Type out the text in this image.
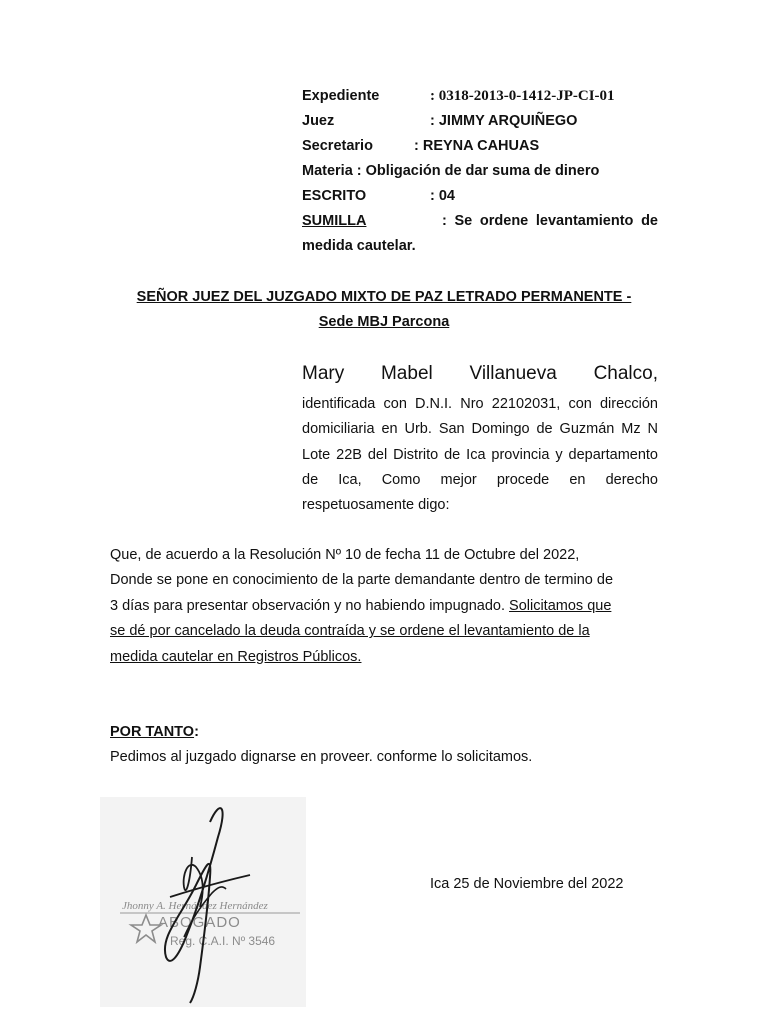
Expediente	: 0318-2013-0-1412-JP-CI-01
Juez	: JIMMY ARQUIÑEGO
Secretario	: REYNA CAHUAS
Materia : Obligación de dar suma de dinero
ESCRITO	: 04
SUMILLA	: Se ordene levantamiento de
medida cautelar.
SEÑOR JUEZ DEL JUZGADO MIXTO DE PAZ LETRADO PERMANENTE -
Sede MBJ Parcona
Mary Mabel Villanueva Chalco,
identificada con D.N.I. Nro 22102031, con dirección
domiciliaria en Urb. San Domingo de Guzmán Mz N
Lote 22B del Distrito de Ica provincia y departamento
de Ica, Como mejor procede en derecho
respetuosamente digo:
Que, de acuerdo a la Resolución Nº 10 de fecha 11 de Octubre del 2022,
Donde se pone en conocimiento de la parte demandante dentro de termino de
3 días para presentar observación y no habiendo impugnado. Solicitamos que
se dé por cancelado la deuda contraída y se ordene el levantamiento de la
medida cautelar en Registros Públicos.
POR TANTO:
Pedimos al juzgado dignarse en proveer. conforme lo solicitamos.
Jhonny A. Hernández Hernández
ABOGADO
Reg. C.A.I. Nº 3546
Ica 25 de Noviembre del 2022
